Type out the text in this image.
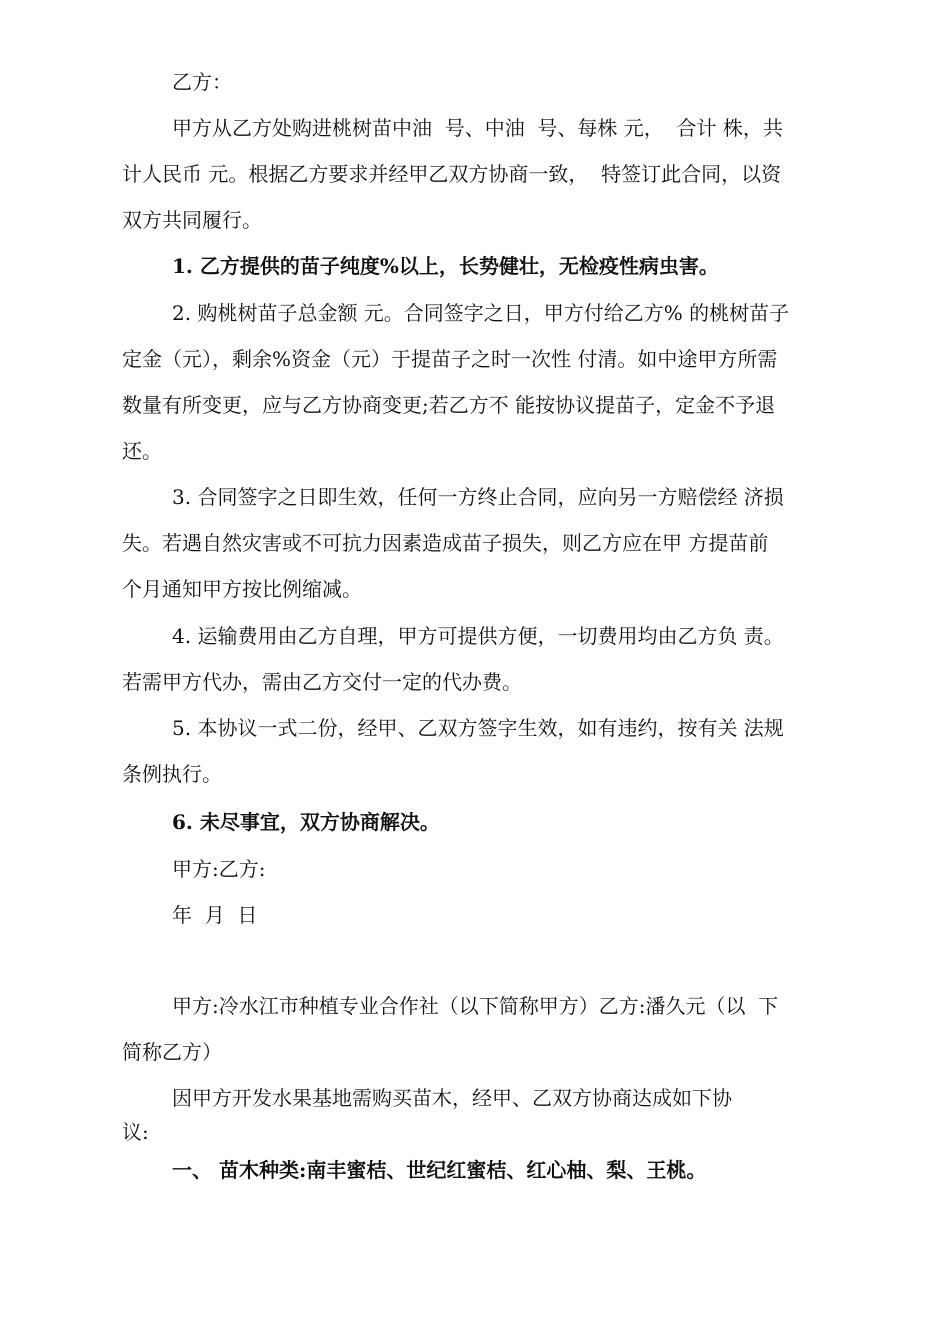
乙方：
甲方从乙方处购进桃树苗中油  号、中油  号、每株 元，  合计 株，共
计人民币 元。根据乙方要求并经甲乙双方协商一致，  特签订此合同，以资
双方共同履行。
1. 乙方提供的苗子纯度%以上，长势健壮，无检疫性病虫害。
2. 购桃树苗子总金额 元。合同签字之日，甲方付给乙方% 的桃树苗子
定金（元），剩余%资金（元）于提苗子之时一次性 付清。如中途甲方所需
数量有所变更，应与乙方协商变更;若乙方不 能按协议提苗子，定金不予退
还。
3. 合同签字之日即生效，任何一方终止合同，应向另一方赔偿经 济损
失。若遇自然灾害或不可抗力因素造成苗子损失，则乙方应在甲 方提苗前
个月通知甲方按比例缩减。
4. 运输费用由乙方自理，甲方可提供方便，一切费用均由乙方负 责。
若需甲方代办，需由乙方交付一定的代办费。
5. 本协议一式二份，经甲、乙双方签字生效，如有违约，按有关 法规
条例执行。
6. 未尽事宜，双方协商解决。
甲方:乙方:
年  月  日
甲方:冷水江市种植专业合作社（以下简称甲方）乙方:潘久元（以  下
简称乙方）
因甲方开发水果基地需购买苗木，经甲、乙双方协商达成如下协
议:
一、 苗木种类:南丰蜜桔、世纪红蜜桔、红心柚、梨、王桃。
